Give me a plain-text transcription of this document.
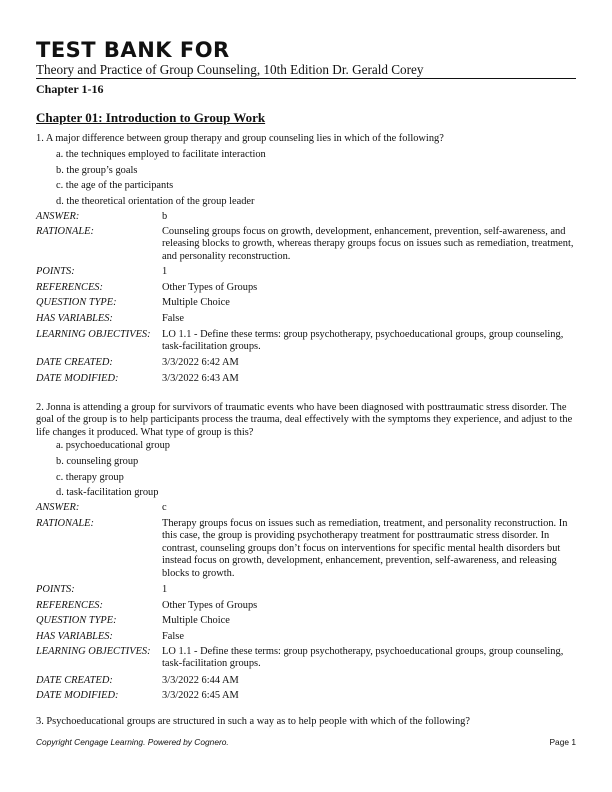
TEST BANK FOR
Theory and Practice of Group Counseling, 10th Edition Dr. Gerald Corey
Chapter 1-16
Chapter 01: Introduction to Group Work
1. A major difference between group therapy and group counseling lies in which of the following?
a. the techniques employed to facilitate interaction
b. the group’s goals
c. the age of the participants
d. the theoretical orientation of the group leader
ANSWER:	b
RATIONALE:	Counseling groups focus on growth, development, enhancement, prevention, self-awareness, and releasing blocks to growth, whereas therapy groups focus on issues such as remediation, treatment, and personality reconstruction.
POINTS:	1
REFERENCES:	Other Types of Groups
QUESTION TYPE:	Multiple Choice
HAS VARIABLES:	False
LEARNING OBJECTIVES: LO 1.1 - Define these terms: group psychotherapy, psychoeducational groups, group counseling, task-facilitation groups.
DATE CREATED:	3/3/2022 6:42 AM
DATE MODIFIED:	3/3/2022 6:43 AM
2. Jonna is attending a group for survivors of traumatic events who have been diagnosed with posttraumatic stress disorder. The goal of the group is to help participants process the trauma, deal effectively with the symptoms they experience, and adjust to the life changes it produced. What type of group is this?
a. psychoeducational group
b. counseling group
c. therapy group
d. task-facilitation group
ANSWER:	c
RATIONALE:	Therapy groups focus on issues such as remediation, treatment, and personality reconstruction. In this case, the group is providing psychotherapy treatment for posttraumatic stress disorder. In contrast, counseling groups don’t focus on interventions for specific mental health disorders but instead focus on growth, development, enhancement, prevention, self-awareness, and releasing blocks to growth.
POINTS:	1
REFERENCES:	Other Types of Groups
QUESTION TYPE:	Multiple Choice
HAS VARIABLES:	False
LEARNING OBJECTIVES: LO 1.1 - Define these terms: group psychotherapy, psychoeducational groups, group counseling, task-facilitation groups.
DATE CREATED:	3/3/2022 6:44 AM
DATE MODIFIED:	3/3/2022 6:45 AM
3. Psychoeducational groups are structured in such a way as to help people with which of the following?
Copyright Cengage Learning. Powered by Cognero.	Page 1
